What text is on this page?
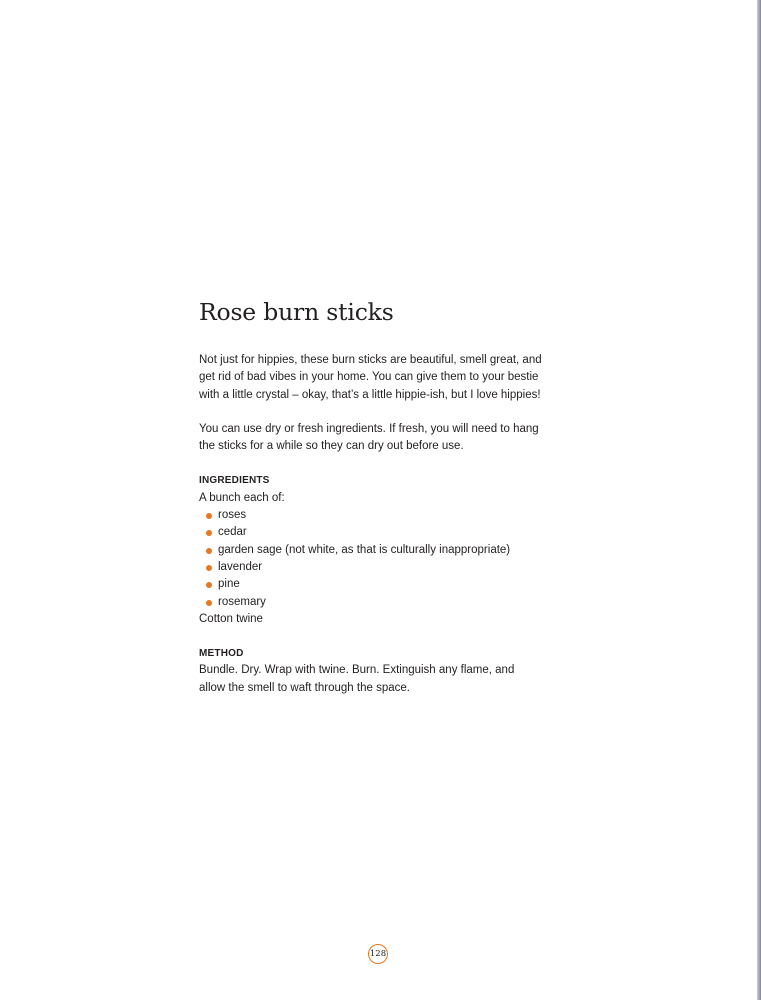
Rose burn sticks
Not just for hippies, these burn sticks are beautiful, smell great, and
get rid of bad vibes in your home. You can give them to your bestie
with a little crystal – okay, that’s a little hippie-ish, but I love hippies!
You can use dry or fresh ingredients. If fresh, you will need to hang
the sticks for a while so they can dry out before use.
INGREDIENTS
A bunch each of:
roses
cedar
garden sage (not white, as that is culturally inappropriate)
lavender
pine
rosemary
Cotton twine
METHOD
Bundle. Dry. Wrap with twine. Burn. Extinguish any flame, and
allow the smell to waft through the space.
128
